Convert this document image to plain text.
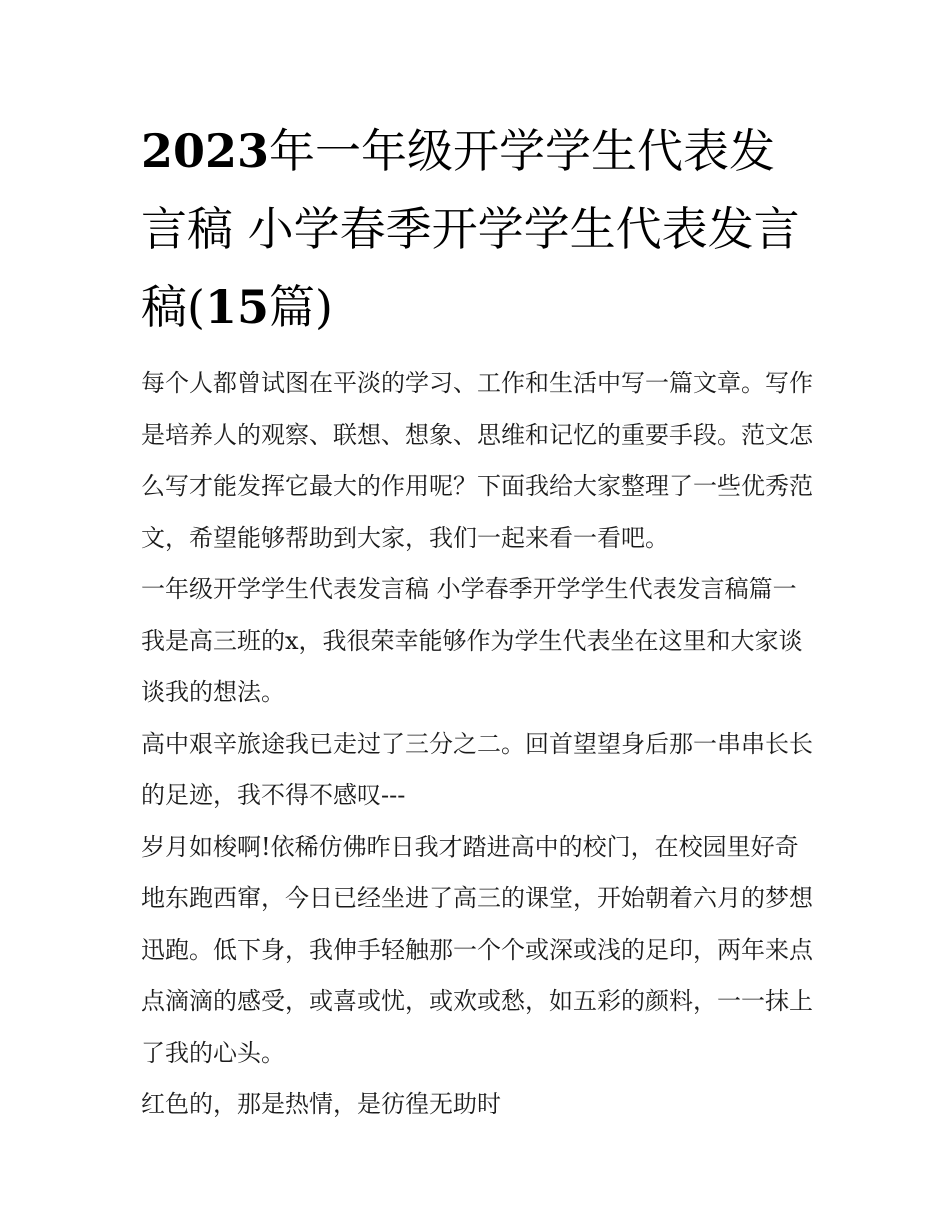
2023年一年级开学学生代表发言稿 小学春季开学学生代表发言稿(15篇)

每个人都曾试图在平淡的学习、工作和生活中写一篇文章。写作是培养人的观察、联想、想象、思维和记忆的重要手段。范文怎么写才能发挥它最大的作用呢？下面我给大家整理了一些优秀范文，希望能够帮助到大家，我们一起来看一看吧。

一年级开学学生代表发言稿 小学春季开学学生代表发言稿篇一 我是高三班的x，我很荣幸能够作为学生代表坐在这里和大家谈谈我的想法。

高中艰辛旅途我已走过了三分之二。回首望望身后那一串串长长的足迹，我不得不感叹---

岁月如梭啊!依稀仿佛昨日我才踏进高中的校门，在校园里好奇地东跑西窜，今日已经坐进了高三的课堂，开始朝着六月的梦想迅跑。低下身，我伸手轻触那一个个或深或浅的足印，两年来点点滴滴的感受，或喜或忧，或欢或愁，如五彩的颜料，一一抹上了我的心头。

红色的，那是热情，是彷徨无助时
